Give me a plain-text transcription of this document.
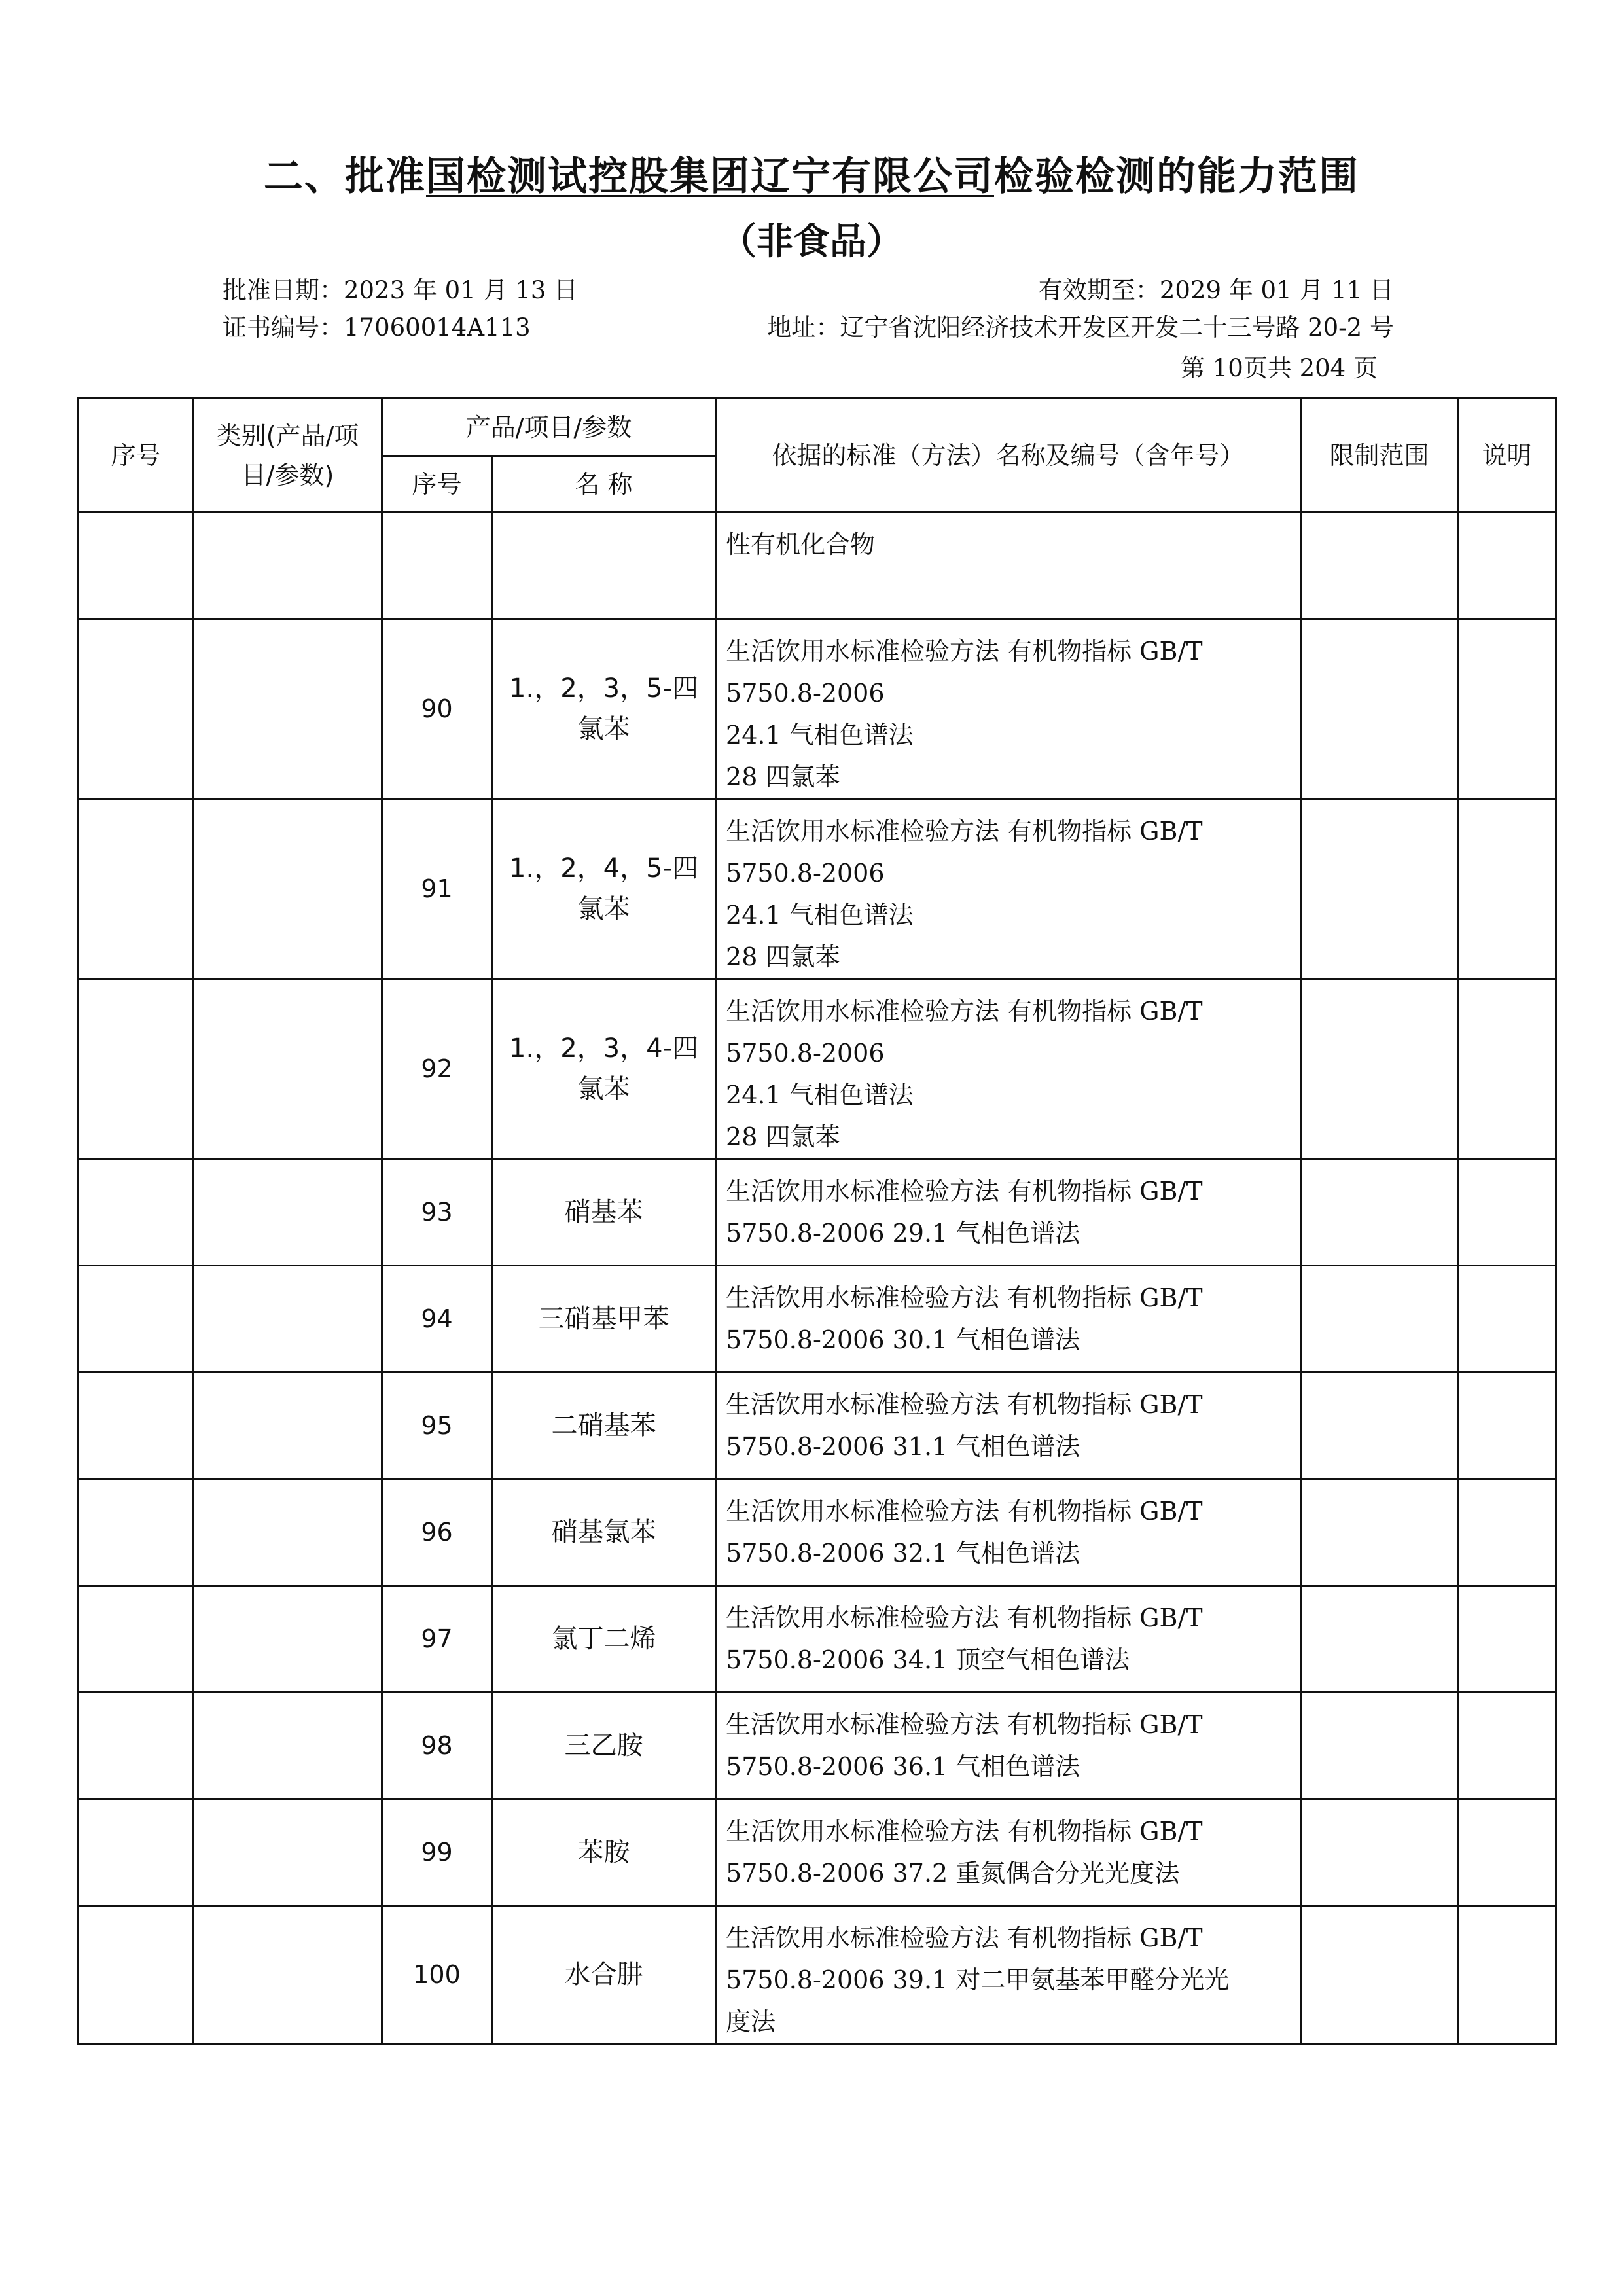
二、批准国检测试控股集团辽宁有限公司检验检测的能力范围
（非食品）
批准日期：2023 年 01 月 13 日	有效期至：2029 年 01 月 11 日
证书编号：17060014A113	地址：辽宁省沈阳经济技术开发区开发二十三号路 20-2 号
第 10页共 204 页
序号	类别(产品/项目/参数)	产品/项目/参数		依据的标准（方法）名称及编号（含年号）	限制范围	说明
		序号	名 称			

				性有机化合物		

		90	1.，2，3，5-四氯苯	生活饮用水标准检验方法 有机物指标 GB/T
5750.8-2006
24.1 气相色谱法
28 四氯苯		

		91	1.，2，4，5-四氯苯	生活饮用水标准检验方法 有机物指标 GB/T
5750.8-2006
24.1 气相色谱法
28 四氯苯		

		92	1.，2，3，4-四氯苯	生活饮用水标准检验方法 有机物指标 GB/T
5750.8-2006
24.1 气相色谱法
28 四氯苯		

		93	硝基苯	生活饮用水标准检验方法 有机物指标 GB/T
5750.8-2006 29.1 气相色谱法		

		94	三硝基甲苯	生活饮用水标准检验方法 有机物指标 GB/T
5750.8-2006 30.1 气相色谱法		

		95	二硝基苯	生活饮用水标准检验方法 有机物指标 GB/T
5750.8-2006 31.1 气相色谱法		

		96	硝基氯苯	生活饮用水标准检验方法 有机物指标 GB/T
5750.8-2006 32.1 气相色谱法		

		97	氯丁二烯	生活饮用水标准检验方法 有机物指标 GB/T
5750.8-2006 34.1 顶空气相色谱法		

		98	三乙胺	生活饮用水标准检验方法 有机物指标 GB/T
5750.8-2006 36.1 气相色谱法		

		99	苯胺	生活饮用水标准检验方法 有机物指标 GB/T
5750.8-2006 37.2 重氮偶合分光光度法		

		100	水合肼	生活饮用水标准检验方法 有机物指标 GB/T
5750.8-2006 39.1 对二甲氨基苯甲醛分光光
度法		
